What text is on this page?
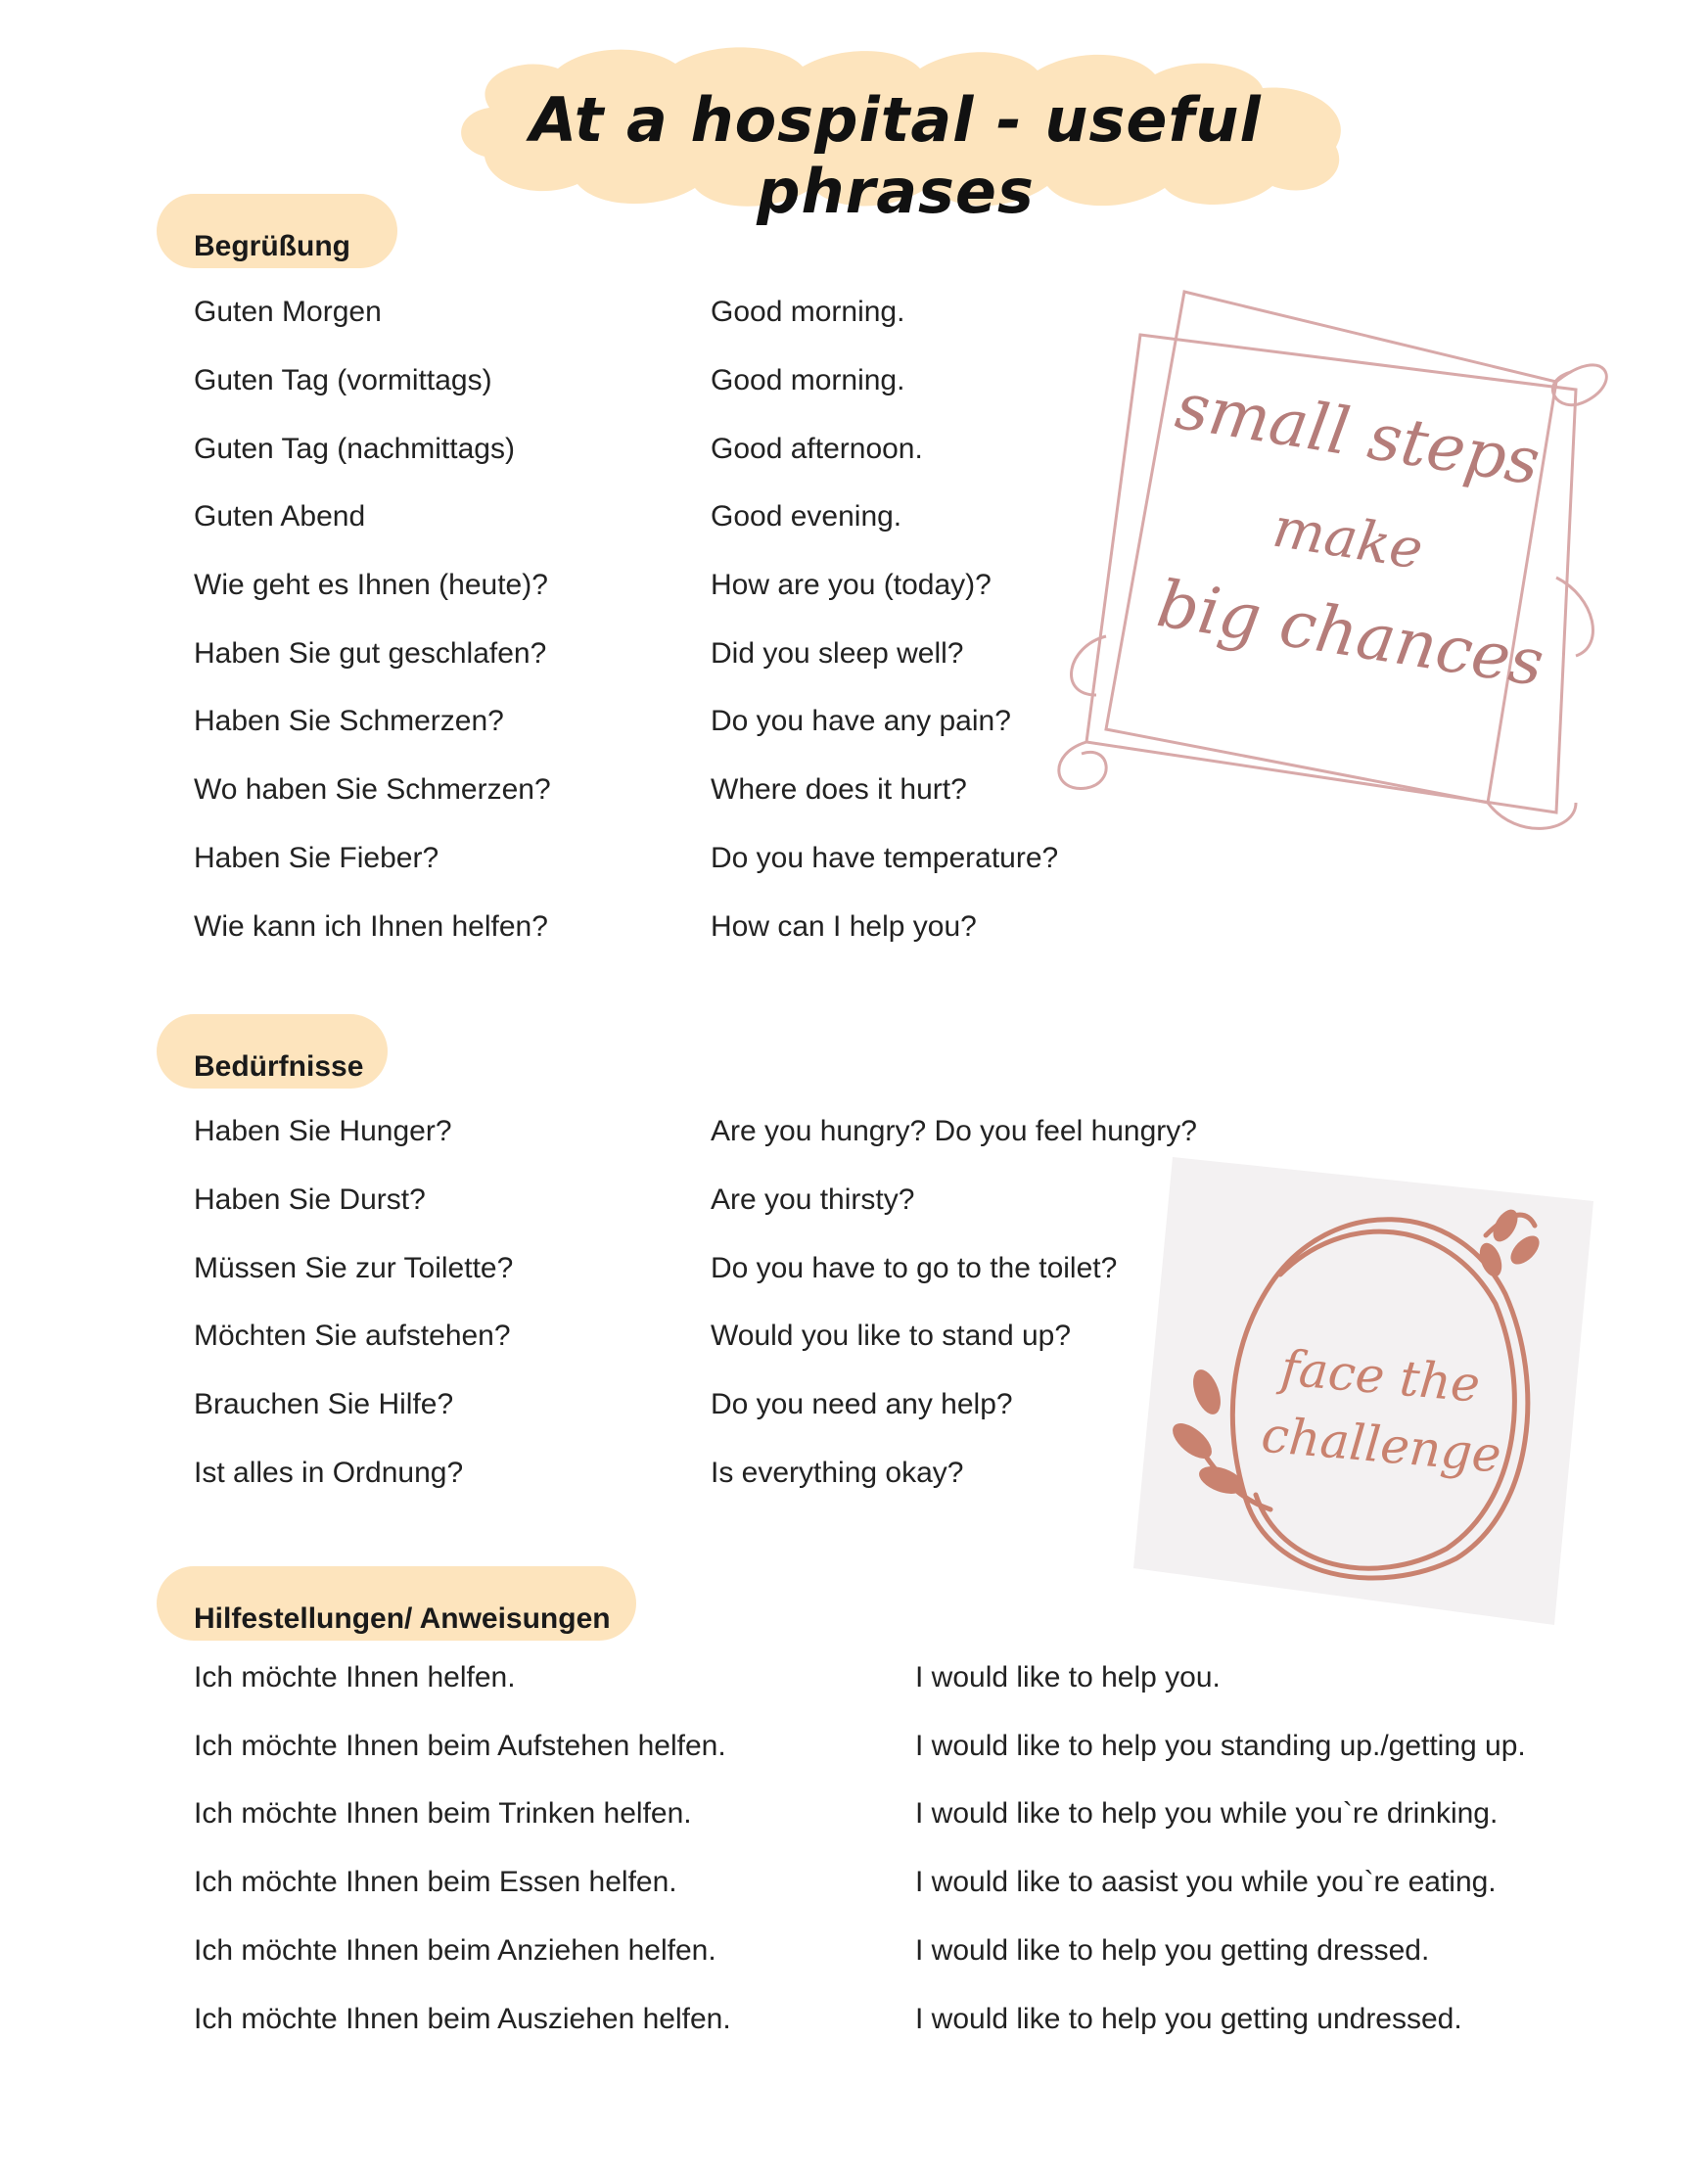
At a hospital - useful phrases
Begrüßung
Guten Morgen	Good morning.
Guten Tag (vormittags)	Good morning.
Guten Tag (nachmittags)	Good afternoon.
Guten Abend	Good evening.
Wie geht es Ihnen (heute)?	How are you (today)?
Haben Sie gut geschlafen?	Did you sleep well?
Haben Sie Schmerzen?	Do you have any pain?
Wo haben Sie Schmerzen?	Where does it hurt?
Haben Sie Fieber?	Do you have temperature?
Wie kann ich Ihnen helfen?	How can I help you?
Bedürfnisse
Haben Sie Hunger?	Are you hungry? Do you feel hungry?
Haben Sie Durst?	Are you thirsty?
Müssen Sie zur Toilette?	Do you have to go to the toilet?
Möchten Sie aufstehen?	Would you like to stand up?
Brauchen Sie Hilfe?	Do you need any help?
Ist alles in Ordnung?	Is everything okay?
Hilfestellungen/ Anweisungen
Ich möchte Ihnen helfen.	I would like to help you.
Ich möchte Ihnen beim Aufstehen helfen.	I would like to help you standing up./getting up.
Ich möchte Ihnen beim Trinken helfen.	I would like to help you while you`re drinking.
Ich möchte Ihnen beim Essen helfen.	I would like to aasist you while you`re eating.
Ich möchte Ihnen beim Anziehen helfen.	I would like to help you getting dressed.
Ich möchte Ihnen beim Ausziehen helfen.	I would like to help you getting undressed.
small steps
make
big chances
face the
challenge
